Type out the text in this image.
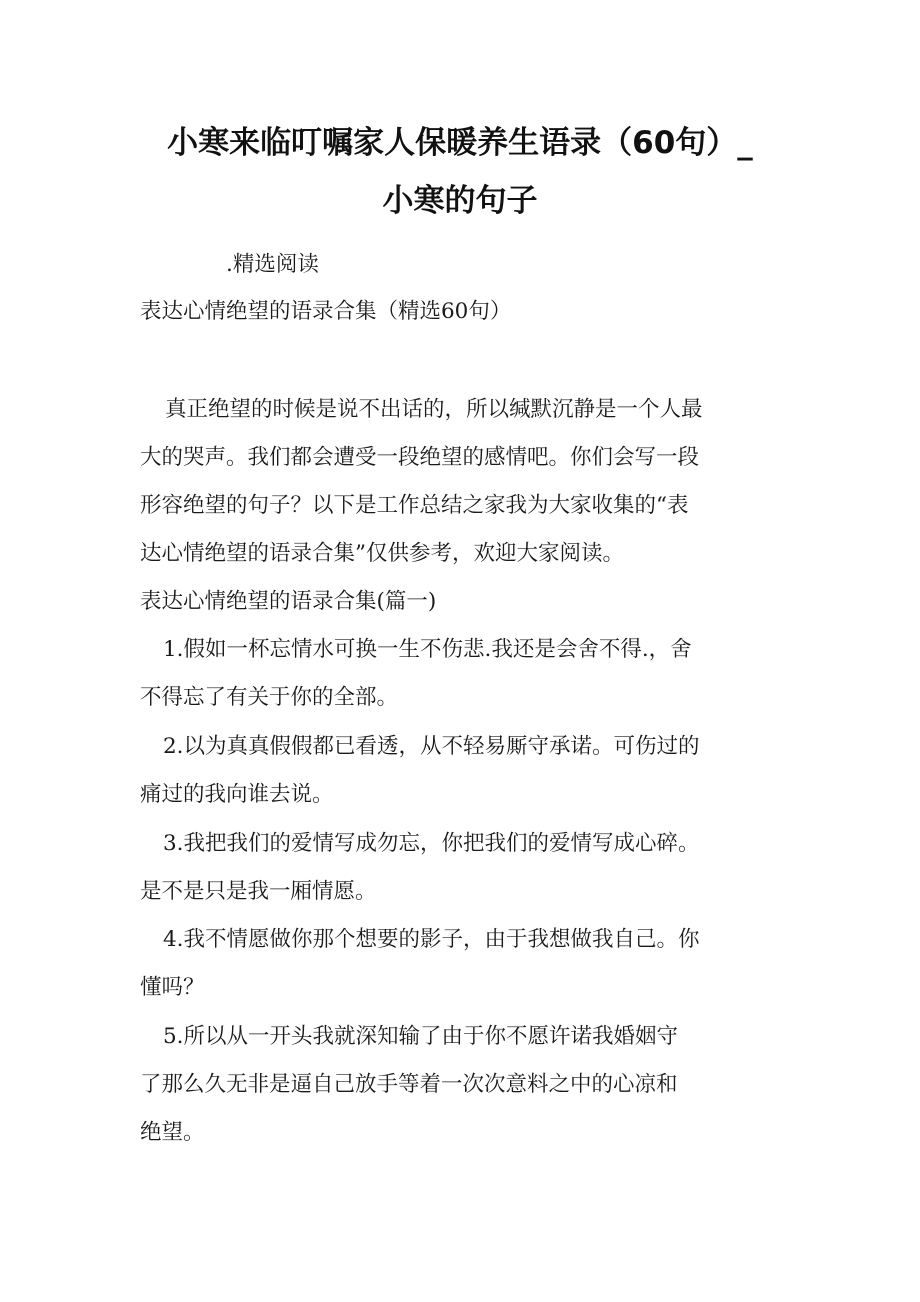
小寒来临叮嘱家人保暖养生语录（60句）_
小寒的句子
.精选阅读
表达心情绝望的语录合集（精选60句）
真正绝望的时候是说不出话的，所以缄默沉静是一个人最
大的哭声。我们都会遭受一段绝望的感情吧。你们会写一段
形容绝望的句子？以下是工作总结之家我为大家收集的“表
达心情绝望的语录合集”仅供参考，欢迎大家阅读。
表达心情绝望的语录合集(篇一)
1.假如一杯忘情水可换一生不伤悲.我还是会舍不得.，舍
不得忘了有关于你的全部。
2.以为真真假假都已看透，从不轻易厮守承诺。可伤过的
痛过的我向谁去说。
3.我把我们的爱情写成勿忘，你把我们的爱情写成心碎。
是不是只是我一厢情愿。
4.我不情愿做你那个想要的影子，由于我想做我自己。你
懂吗？
5.所以从一开头我就深知输了由于你不愿许诺我婚姻守
了那么久无非是逼自己放手等着一次次意料之中的心凉和
绝望。
